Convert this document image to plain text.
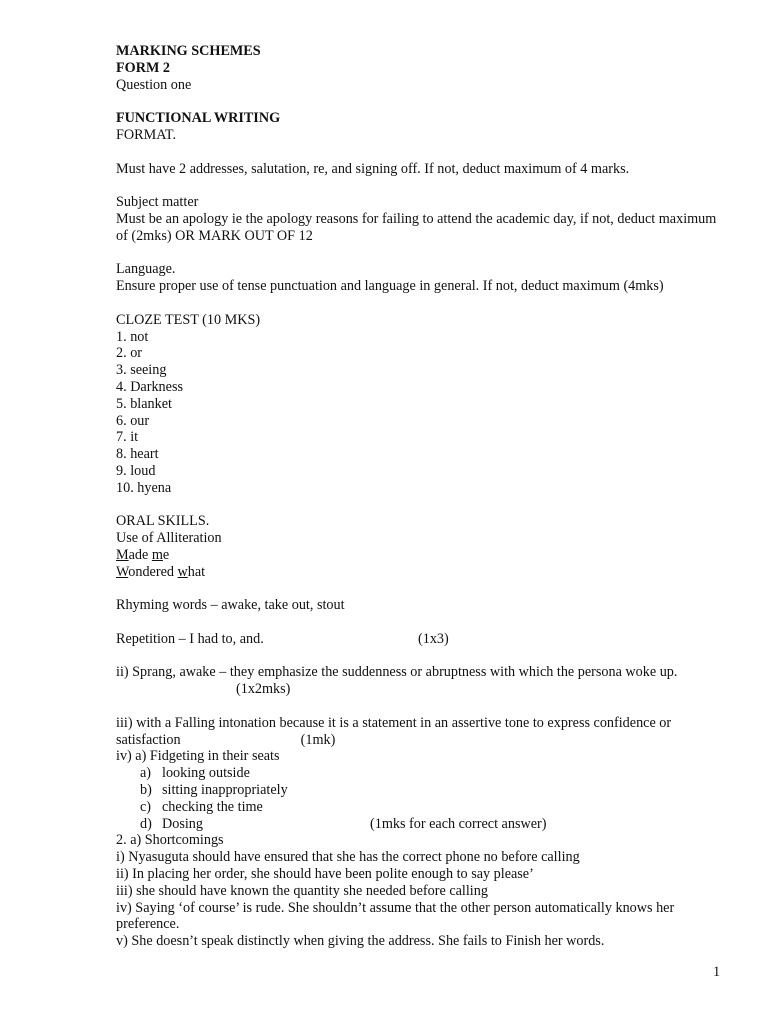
MARKING SCHEMES
FORM 2
Question one
FUNCTIONAL WRITING
FORMAT.
Must have 2 addresses, salutation, re, and signing off. If not, deduct maximum of 4 marks.
Subject matter
Must be an apology ie the apology reasons for failing to attend the academic day, if not, deduct maximum of (2mks) OR MARK OUT OF 12
Language.
Ensure proper use of tense punctuation and language in general. If not, deduct maximum (4mks)
CLOZE TEST (10 MKS)
1. not
2. or
3. seeing
4. Darkness
5. blanket
6. our
7. it
8. heart
9. loud
10. hyena
ORAL SKILLS.
Use of Alliteration
Made me
Wondered what
Rhyming words – awake, take out, stout
Repetition – I had to, and.	(1x3)
ii) Sprang, awake – they emphasize the suddenness or abruptness with which the persona woke up.(1x2mks)
iii) with a Falling intonation because it is a statement in an assertive tone to express confidence or satisfaction	(1mk)
iv) a) Fidgeting in their seats
a) looking outside
b) sitting inappropriately
c) checking the time
d) Dosing	(1mks for each correct answer)
2. a) Shortcomings
i) Nyasuguta should have ensured that she has the correct phone no before calling
ii) In placing her order, she should have been polite enough to say please’
iii) she should have known the quantity she needed before calling
iv) Saying ‘of course’ is rude. She shouldn’t assume that the other person automatically knows her preference.
v) She doesn’t speak distinctly when giving the address. She fails to Finish her words.
1
